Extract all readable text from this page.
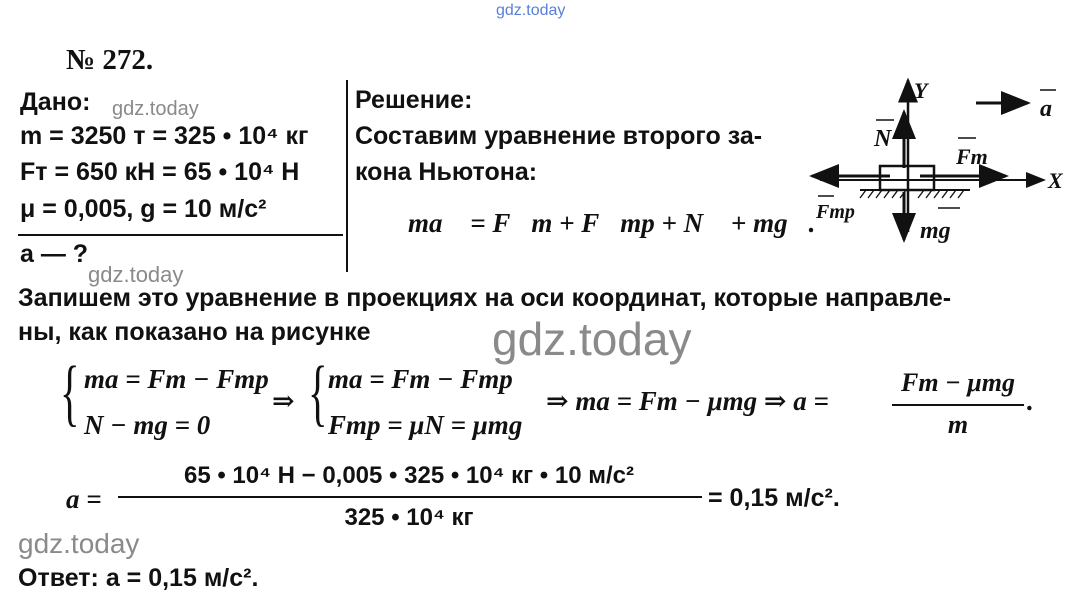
gdz.today
№ 272.
Дано: gdz.today
m = 3250 т = 325 • 10⁴ кг
Fт = 650 кН = 65 • 10⁴ Н
μ = 0,005, g = 10 м/с²
a — ?
gdz.today
Решение:
Составим уравнение второго за-
кона Ньютона:
ma⃗ = F⃗т + F⃗тр + N⃗ + mg⃗.
Y
X
a
N
Fт
Fтр
mg
Запишем это уравнение в проекциях на оси координат, которые направле-
ны, как показано на рисунке	gdz.today
{ ma = Fт − Fтр
N − mg = 0
⇒ { ma = Fт − Fтр
Fтр = μN = μmg
⇒ ma = Fт − μmg ⇒ a =
Fт − μmg
m
.
a =
65 • 10⁴ Н − 0,005 • 325 • 10⁴ кг • 10 м/с²
325 • 10⁴ кг
= 0,15 м/с².
gdz.today
Ответ: a = 0,15 м/с².
